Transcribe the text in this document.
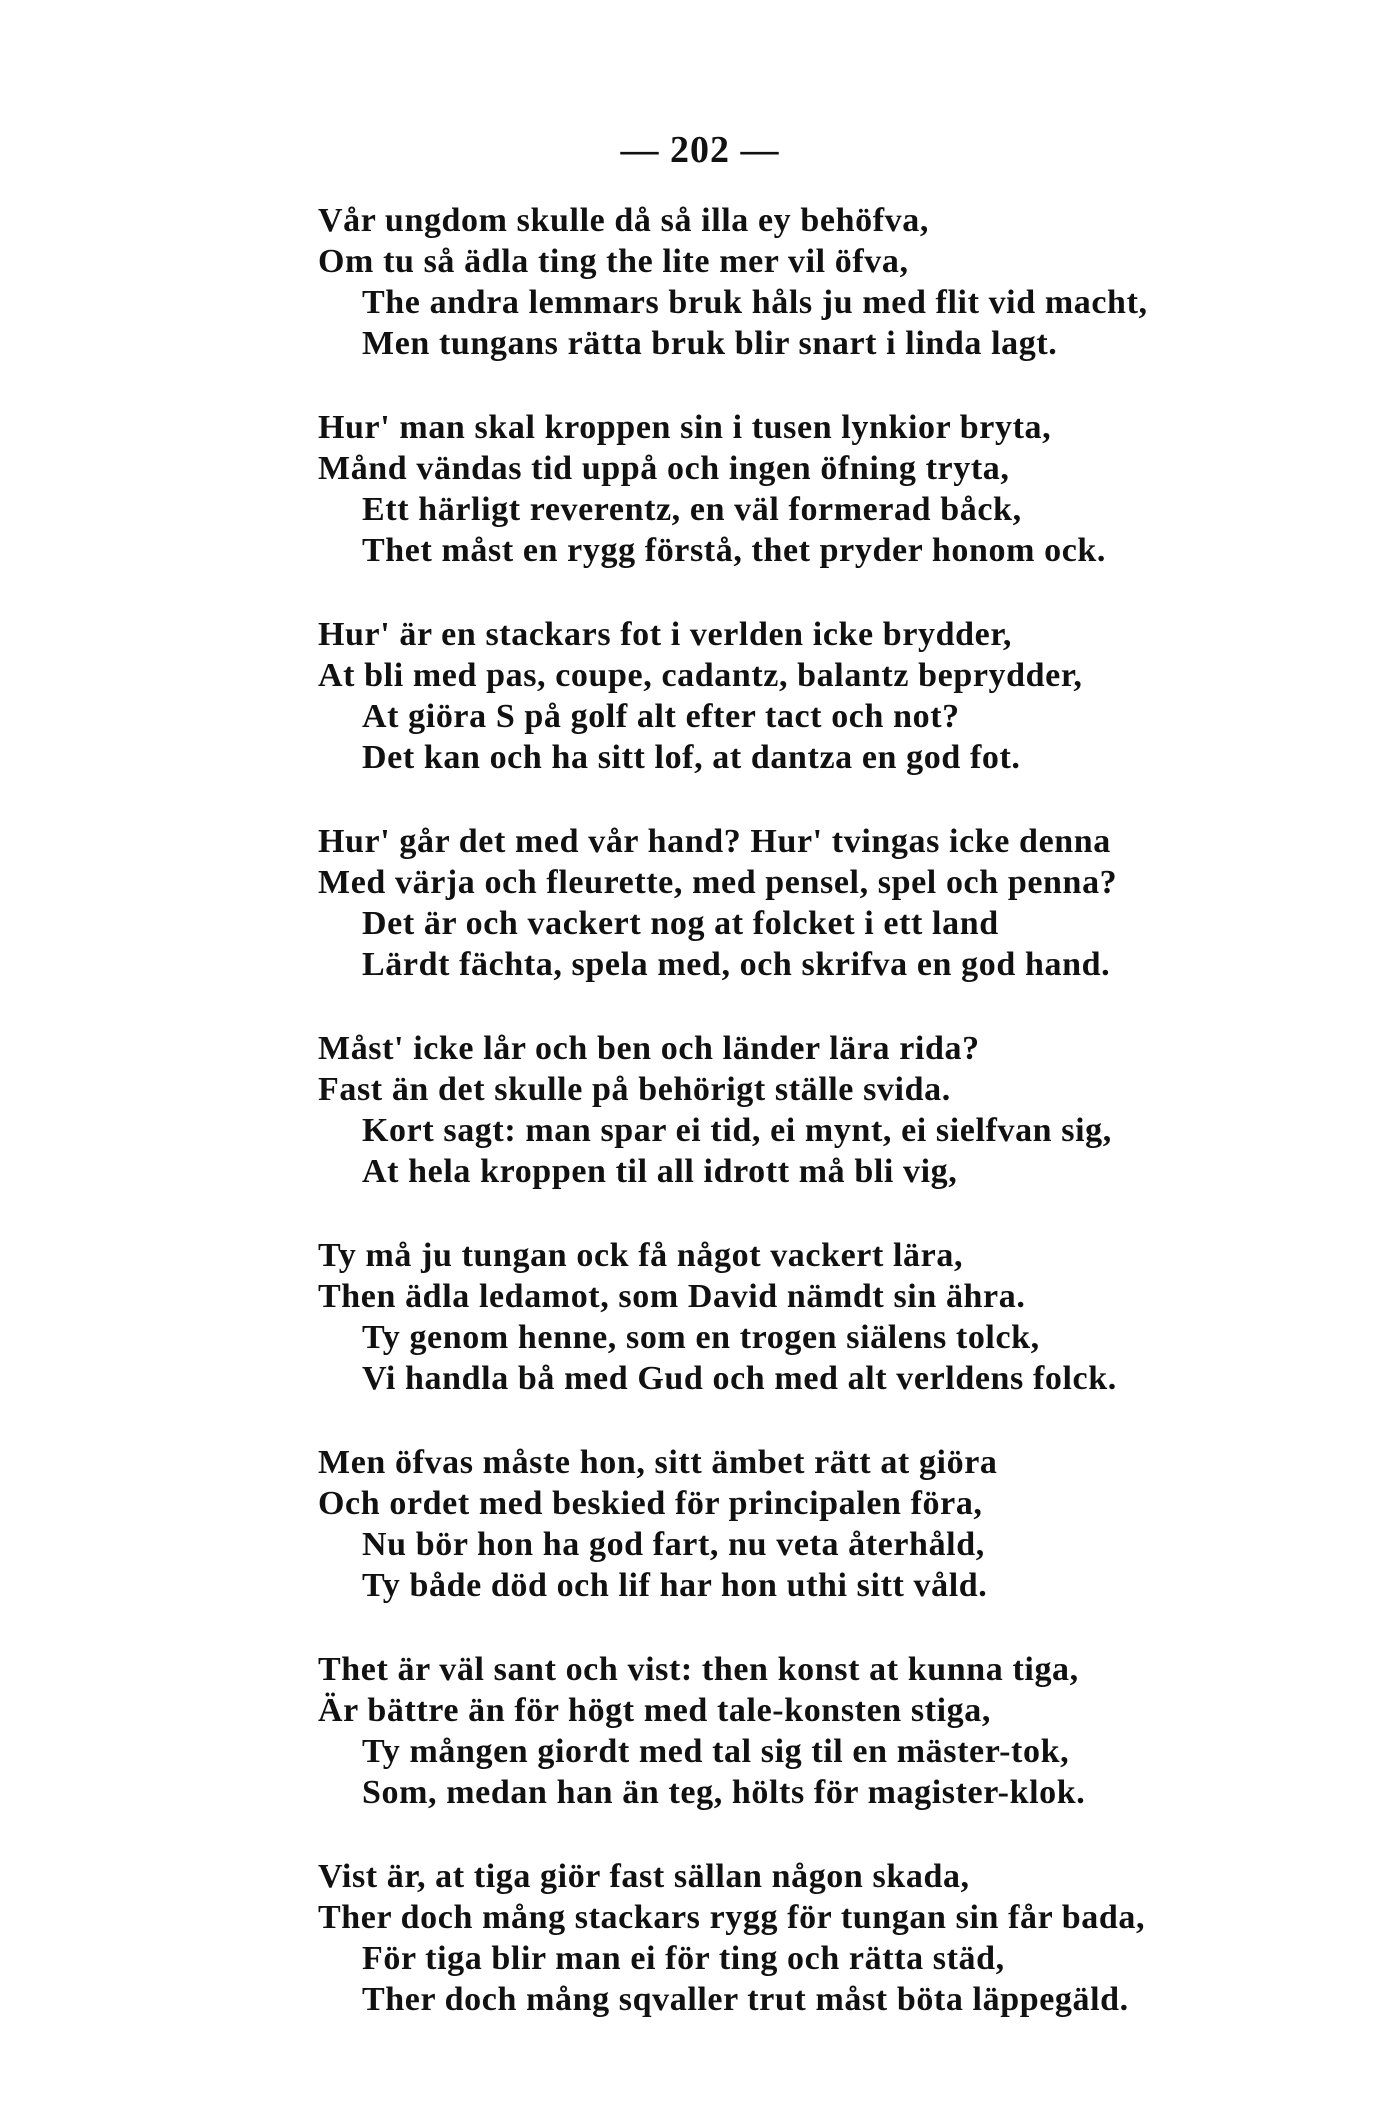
— 202 —
Vår ungdom skulle då så illa ey behöfva,
Om tu så ädla ting the lite mer vil öfva,
The andra lemmars bruk håls ju med flit vid macht,
Men tungans rätta bruk blir snart i linda lagt.
Hur' man skal kroppen sin i tusen lynkior bryta,
Månd vändas tid uppå och ingen öfning tryta,
Ett härligt reverentz, en väl formerad båck,
Thet måst en rygg förstå, thet pryder honom ock.
Hur' är en stackars fot i verlden icke brydder,
At bli med pas, coupe, cadantz, balantz beprydder,
At giöra S på golf alt efter tact och not?
Det kan och ha sitt lof, at dantza en god fot.
Hur' går det med vår hand? Hur' tvingas icke denna
Med värja och fleurette, med pensel, spel och penna?
Det är och vackert nog at folcket i ett land
Lärdt fächta, spela med, och skrifva en god hand.
Måst' icke lår och ben och länder lära rida?
Fast än det skulle på behörigt ställe svida.
Kort sagt: man spar ei tid, ei mynt, ei sielfvan sig,
At hela kroppen til all idrott må bli vig,
Ty må ju tungan ock få något vackert lära,
Then ädla ledamot, som David nämdt sin ähra.
Ty genom henne, som en trogen siälens tolck,
Vi handla bå med Gud och med alt verldens folck.
Men öfvas måste hon, sitt ämbet rätt at giöra
Och ordet med beskied för principalen föra,
Nu bör hon ha god fart, nu veta återhåld,
Ty både död och lif har hon uthi sitt våld.
Thet är väl sant och vist: then konst at kunna tiga,
Är bättre än för högt med tale-konsten stiga,
Ty mången giordt med tal sig til en mäster-tok,
Som, medan han än teg, hölts för magister-klok.
Vist är, at tiga giör fast sällan någon skada,
Ther doch mång stackars rygg för tungan sin får bada,
För tiga blir man ei för ting och rätta städ,
Ther doch mång sqvaller trut måst böta läppegäld.
